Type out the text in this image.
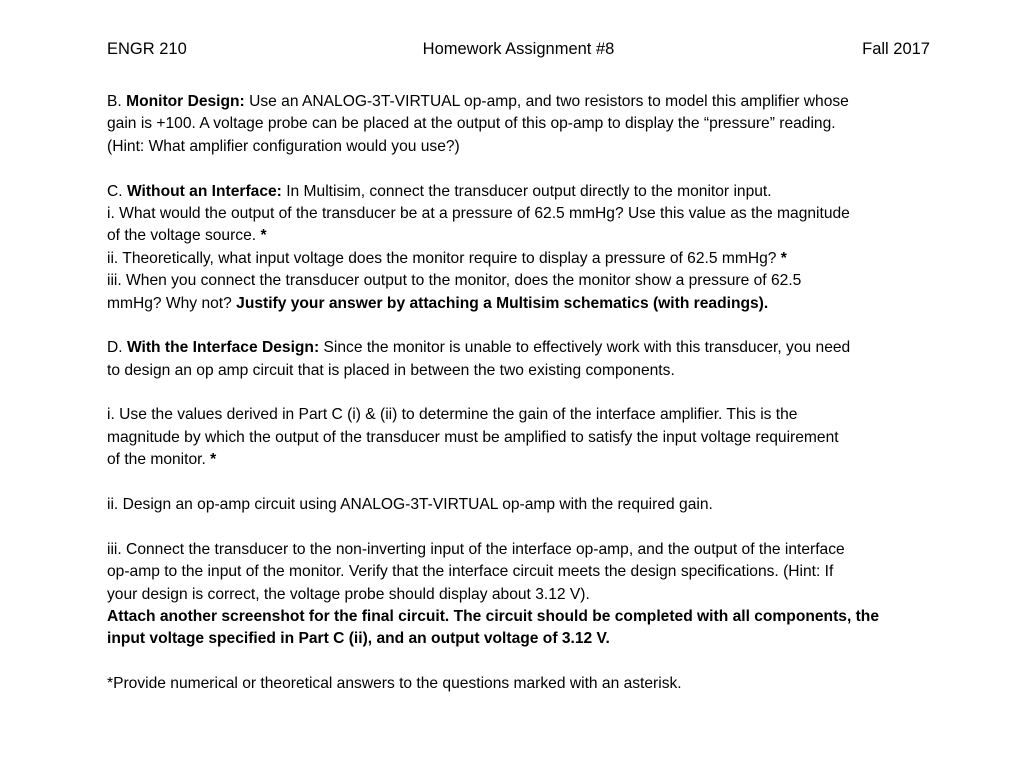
ENGR 210	Homework Assignment #8	Fall 2017
B. Monitor Design: Use an ANALOG-3T-VIRTUAL op-amp, and two resistors to model this amplifier whose
gain is +100. A voltage probe can be placed at the output of this op-amp to display the “pressure” reading.
(Hint: What amplifier configuration would you use?)
C. Without an Interface: In Multisim, connect the transducer output directly to the monitor input.
i. What would the output of the transducer be at a pressure of 62.5 mmHg? Use this value as the magnitude
of the voltage source. *
ii. Theoretically, what input voltage does the monitor require to display a pressure of 62.5 mmHg? *
iii. When you connect the transducer output to the monitor, does the monitor show a pressure of 62.5
mmHg? Why not? Justify your answer by attaching a Multisim schematics (with readings).
D. With the Interface Design: Since the monitor is unable to effectively work with this transducer, you need
to design an op amp circuit that is placed in between the two existing components.
i. Use the values derived in Part C (i) & (ii) to determine the gain of the interface amplifier. This is the
magnitude by which the output of the transducer must be amplified to satisfy the input voltage requirement
of the monitor. *
ii. Design an op-amp circuit using ANALOG-3T-VIRTUAL op-amp with the required gain.
iii. Connect the transducer to the non-inverting input of the interface op-amp, and the output of the interface
op-amp to the input of the monitor. Verify that the interface circuit meets the design specifications. (Hint: If
your design is correct, the voltage probe should display about 3.12 V).
Attach another screenshot for the final circuit. The circuit should be completed with all components, the
input voltage specified in Part C (ii), and an output voltage of 3.12 V.
*Provide numerical or theoretical answers to the questions marked with an asterisk.
